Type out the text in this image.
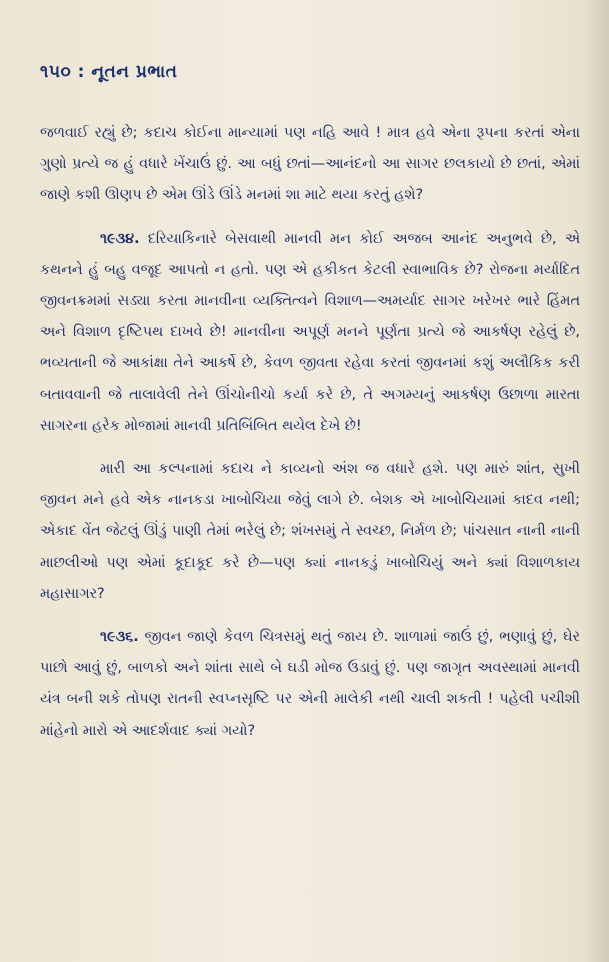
૧૫૦ : નૂતન પ્રભાત

જળવાઈ રહ્યું છે; કદાચ કોઈના માન્યામાં પણ નહિ આવે ! માત્ર હવે એના રૂપના કરતાં એના ગુણો પ્રત્યે જ હું વધારે ખેંચાઉં છું. આ બધું છતાં—આનંદનો આ સાગર છલકાયો છે છતાં, એમાં જાણે કશી ઊણપ છે એમ ઊંડે ઊંડે મનમાં શા માટે થયા કરતું હશે?

૧૯૩૪. દરિયાકિનારે બેસવાથી માનવી મન કોઈ અજબ આનંદ અનુભવે છે, એ કથનને હું બહુ વજૂદ આપતો ન હતો. પણ એ હકીકત કેટલી સ્વાભાવિક છે? રોજના મર્યાદિત જીવનક્રમમાં સડ્યા કરતા માનવીના વ્યક્તિત્વને વિશાળ—અમર્યાદ સાગર ખરેખર ભારે હિંમત અને વિશાળ દૃષ્ટિપથ દાખવે છે! માનવીના અપૂર્ણ મનને પૂર્ણતા પ્રત્યે જે આકર્ષણ રહેલું છે, ભવ્યતાની જે આકાંક્ષા તેને આકર્ષે છે, કેવળ જીવતા રહેવા કરતાં જીવનમાં કશું અલૌકિક કરી બતાવવાની જે તાલાવેલી તેને ઊંચોનીચો કર્યા કરે છે, તે અગમ્યનું આકર્ષણ ઉછાળા મારતા સાગરના હરેક મોજામાં માનવી પ્રતિબિંબિત થયેલ દેખે છે!

મારી આ કલ્પનામાં કદાચ ને કાવ્યનો અંશ જ વધારે હશે. પણ મારું શાંત, સુખી જીવન મને હવે એક નાનકડા ખાબોચિયા જેવું લાગે છે. બેશક એ ખાબોચિયામાં કાદવ નથી; એકાદ વેંત જેટલું ઊંડું પાણી તેમાં ભરેલું છે; શંખસમું તે સ્વચ્છ, નિર્મળ છે; પાંચસાત નાની નાની માછલીઓ પણ એમાં કૂદાકૂદ કરે છે—પણ ક્યાં નાનકડું ખાબોચિયું અને ક્યાં વિશાળકાય મહાસાગર?

૧૯૩૬. જીવન જાણે કેવળ ચિત્રસમું થતું જાય છે. શાળામાં જાઉં છું, ભણાવું છું, ઘેર પાછો આવું છું, બાળકો અને શાંતા સાથે બે ઘડી મોજ ઉડાવું છું. પણ જાગૃત અવસ્થામાં માનવી યંત્ર બની શકે તોપણ રાતની સ્વપ્નસૃષ્ટિ પર એની માલેકી નથી ચાલી શકતી ! પહેલી પચીશી માંહેનો મારો એ આદર્શવાદ ક્યાં ગયો?
